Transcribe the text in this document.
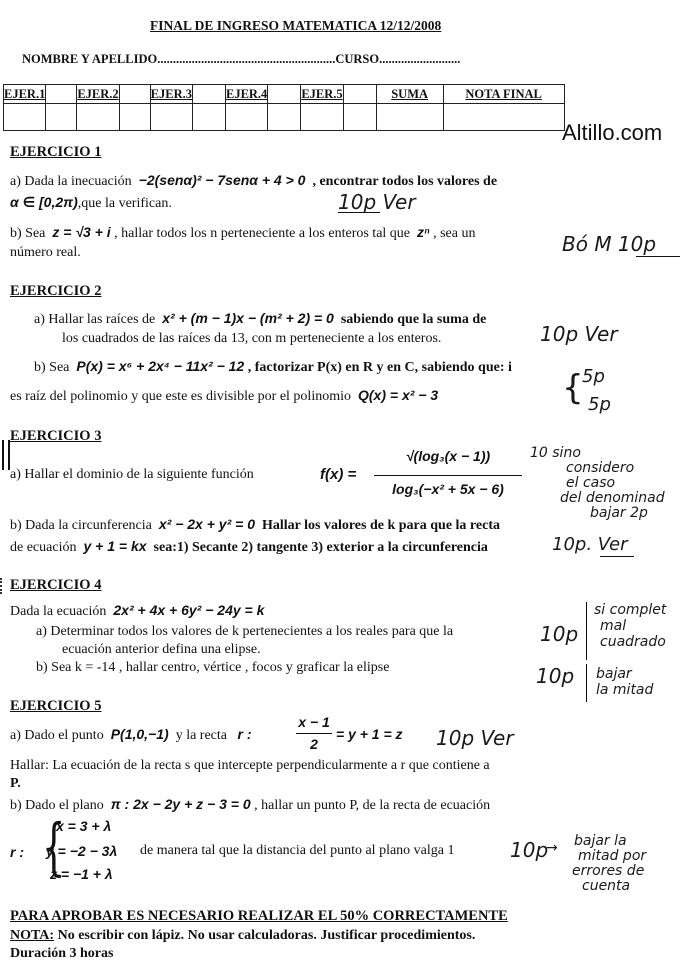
FINAL DE INGRESO MATEMATICA 12/12/2008
NOMBRE Y APELLIDO.........................................................CURSO..........................
EJER.1		EJER.2		EJER.3		EJER.4		EJER.5		SUMA	NOTA FINAL

Altillo.com
EJERCICIO 1
a) Dada la inecuación −2(senα)² − 7senα + 4 > 0 , encontrar todos los valores de
α ∈ [0,2π),que la verifican.	10p Ver
b) Sea z = √3 + i , hallar todos los n perteneciente a los enteros tal que zⁿ , sea un
número real.	Bó M 10p
EJERCICIO 2
a) Hallar las raíces de x² + (m − 1)x − (m² + 2) = 0 sabiendo que la suma de
los cuadrados de las raíces da 13, con m perteneciente a los enteros.	10p Ver
b) Sea P(x) = x⁶ + 2x⁴ − 11x² − 12 , factorizar P(x) en R y en C, sabiendo que: i
es raíz del polinomio y que este es divisible por el polinomio Q(x) = x² − 3	{
5p
5p
EJERCICIO 3
a) Hallar el dominio de la siguiente función	f(x) =
√(log₃(x − 1))
log₃(−x² + 5x − 6)
10 sino
considero
el caso
del denominad
bajar 2p
b) Dada la circunferencia x² − 2x + y² = 0 Hallar los valores de k para que la recta
de ecuación y + 1 = kx sea:1) Secante 2) tangente 3) exterior a la circunferencia	10p. Ver
EJERCICIO 4
Dada la ecuación 2x² + 4x + 6y² − 24y = k
a) Determinar todos los valores de k pertenecientes a los reales para que la
ecuación anterior defina una elipse.
b) Sea k = -14 , hallar centro, vértice , focos y graficar la elipse
10p
si complet
mal
cuadrado
10p bajar
la mitad
EJERCICIO 5
a) Dado el punto P(1,0,−1) y la recta r :
x − 1
2
= y + 1 = z 10p Ver
Hallar: La ecuación de la recta s que intercepte perpendicularmente a r que contiene a
P.
b) Dado el plano π : 2x − 2y + z − 3 = 0 , hallar un punto P, de la recta de ecuación
r : {
x = 3 + λ
y = −2 − 3λ
z = −1 + λ
de manera tal que la distancia del punto al plano valga 1	10p
→	bajar la
mitad por
errores de
cuenta
PARA APROBAR ES NECESARIO REALIZAR EL 50% CORRECTAMENTE
NOTA: No escribir con lápiz. No usar calculadoras. Justificar procedimientos.
Duración 3 horas
